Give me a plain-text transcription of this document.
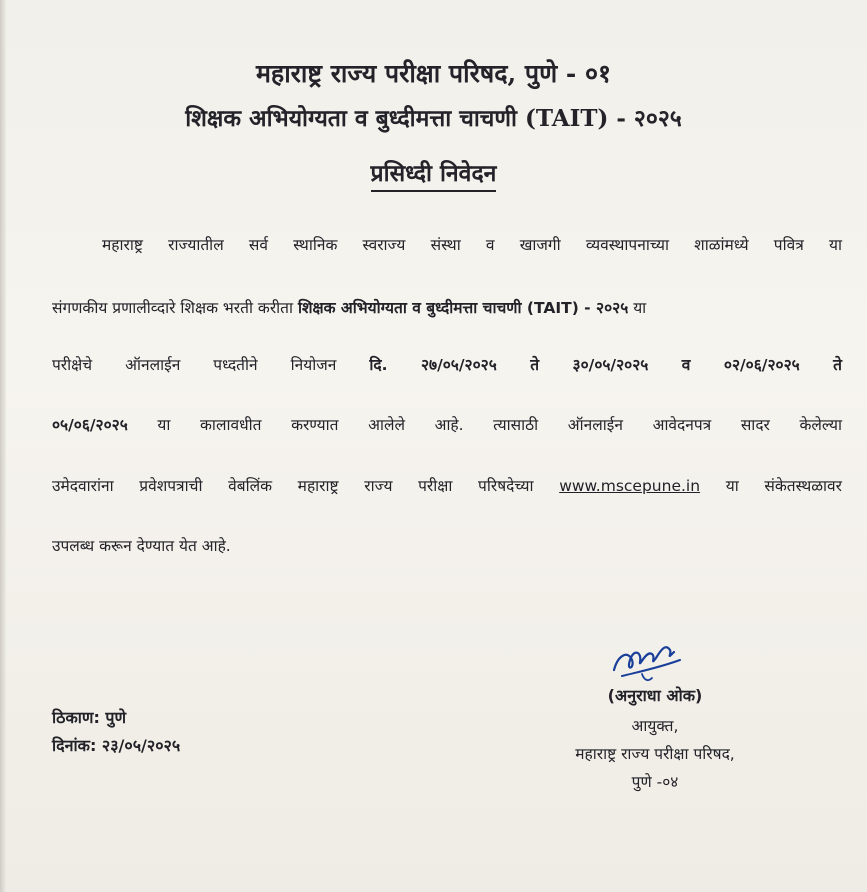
महाराष्ट्र राज्य परीक्षा परिषद, पुणे - ०१
शिक्षक अभियोग्यता व बुध्दीमत्ता चाचणी (TAIT) - २०२५
प्रसिध्दी निवेदन
महाराष्ट्र राज्यातील सर्व स्थानिक स्वराज्य संस्था व खाजगी व्यवस्थापनाच्या शाळांमध्ये पवित्र या
संगणकीय प्रणालीव्दारे शिक्षक भरती करीता शिक्षक अभियोग्यता व बुध्दीमत्ता चाचणी (TAIT) - २०२५ या
परीक्षेचे ऑनलाईन पध्दतीने नियोजन दि. २७/०५/२०२५ ते ३०/०५/२०२५ व ०२/०६/२०२५ ते
०५/०६/२०२५ या कालावधीत करण्यात आलेले आहे. त्यासाठी ऑनलाईन आवेदनपत्र सादर केलेल्या
उमेदवारांना प्रवेशपत्राची वेबलिंक महाराष्ट्र राज्य परीक्षा परिषदेच्या www.mscepune.in या संकेतस्थळावर
उपलब्ध करून देण्यात येत आहे.
ठिकाण: पुणे
दिनांक: २३/०५/२०२५
(अनुराधा ओक)
आयुक्त,
महाराष्ट्र राज्य परीक्षा परिषद,
पुणे -०४
